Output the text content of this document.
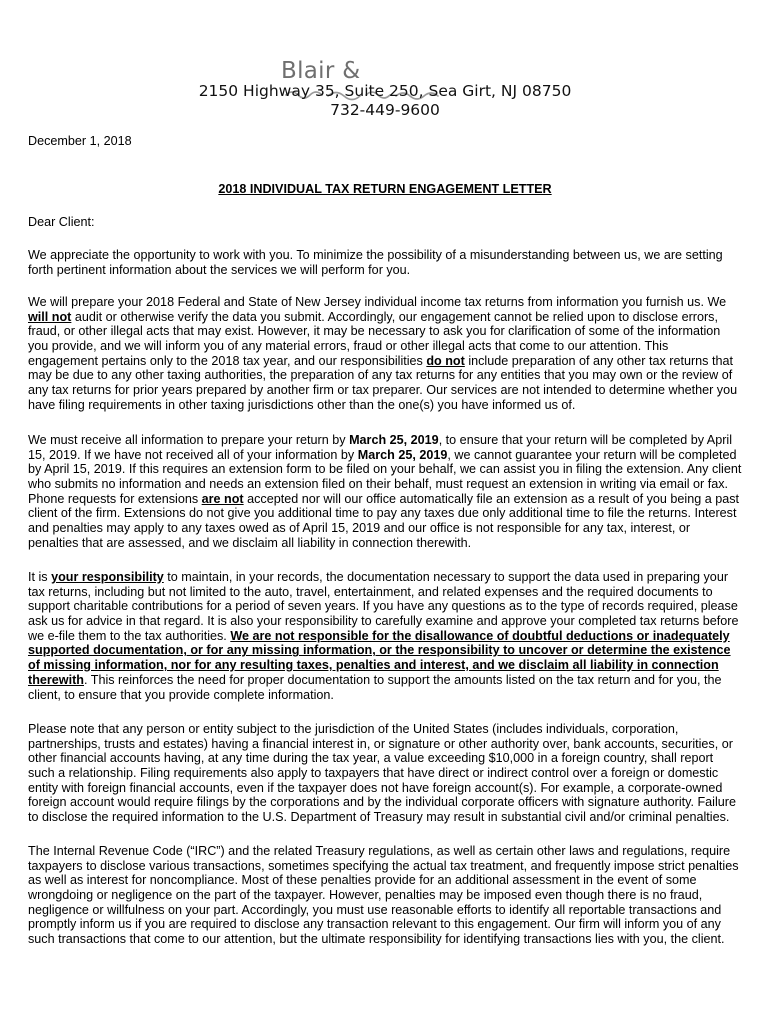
Blair &
2150 Highway 35, Suite 250, Sea Girt, NJ 08750
732-449-9600
December 1, 2018
2018 INDIVIDUAL TAX RETURN ENGAGEMENT LETTER
Dear Client:
We appreciate the opportunity to work with you. To minimize the possibility of a misunderstanding between us, we are setting
forth pertinent information about the services we will perform for you.
We will prepare your 2018 Federal and State of New Jersey individual income tax returns from information you furnish us. We
will not audit or otherwise verify the data you submit. Accordingly, our engagement cannot be relied upon to disclose errors,
fraud, or other illegal acts that may exist. However, it may be necessary to ask you for clarification of some of the information
you provide, and we will inform you of any material errors, fraud or other illegal acts that come to our attention. This
engagement pertains only to the 2018 tax year, and our responsibilities do not include preparation of any other tax returns that
may be due to any other taxing authorities, the preparation of any tax returns for any entities that you may own or the review of
any tax returns for prior years prepared by another firm or tax preparer. Our services are not intended to determine whether you
have filing requirements in other taxing jurisdictions other than the one(s) you have informed us of.
We must receive all information to prepare your return by March 25, 2019, to ensure that your return will be completed by April
15, 2019. If we have not received all of your information by March 25, 2019, we cannot guarantee your return will be completed
by April 15, 2019. If this requires an extension form to be filed on your behalf, we can assist you in filing the extension. Any client
who submits no information and needs an extension filed on their behalf, must request an extension in writing via email or fax.
Phone requests for extensions are not accepted nor will our office automatically file an extension as a result of you being a past
client of the firm. Extensions do not give you additional time to pay any taxes due only additional time to file the returns. Interest
and penalties may apply to any taxes owed as of April 15, 2019 and our office is not responsible for any tax, interest, or
penalties that are assessed, and we disclaim all liability in connection therewith.
It is your responsibility to maintain, in your records, the documentation necessary to support the data used in preparing your
tax returns, including but not limited to the auto, travel, entertainment, and related expenses and the required documents to
support charitable contributions for a period of seven years. If you have any questions as to the type of records required, please
ask us for advice in that regard. It is also your responsibility to carefully examine and approve your completed tax returns before
we e-file them to the tax authorities. We are not responsible for the disallowance of doubtful deductions or inadequately
supported documentation, or for any missing information, or the responsibility to uncover or determine the existence
of missing information, nor for any resulting taxes, penalties and interest, and we disclaim all liability in connection
therewith. This reinforces the need for proper documentation to support the amounts listed on the tax return and for you, the
client, to ensure that you provide complete information.
Please note that any person or entity subject to the jurisdiction of the United States (includes individuals, corporation,
partnerships, trusts and estates) having a financial interest in, or signature or other authority over, bank accounts, securities, or
other financial accounts having, at any time during the tax year, a value exceeding $10,000 in a foreign country, shall report
such a relationship. Filing requirements also apply to taxpayers that have direct or indirect control over a foreign or domestic
entity with foreign financial accounts, even if the taxpayer does not have foreign account(s). For example, a corporate-owned
foreign account would require filings by the corporations and by the individual corporate officers with signature authority. Failure
to disclose the required information to the U.S. Department of Treasury may result in substantial civil and/or criminal penalties.
The Internal Revenue Code (“IRC”) and the related Treasury regulations, as well as certain other laws and regulations, require
taxpayers to disclose various transactions, sometimes specifying the actual tax treatment, and frequently impose strict penalties
as well as interest for noncompliance. Most of these penalties provide for an additional assessment in the event of some
wrongdoing or negligence on the part of the taxpayer. However, penalties may be imposed even though there is no fraud,
negligence or willfulness on your part. Accordingly, you must use reasonable efforts to identify all reportable transactions and
promptly inform us if you are required to disclose any transaction relevant to this engagement. Our firm will inform you of any
such transactions that come to our attention, but the ultimate responsibility for identifying transactions lies with you, the client.
